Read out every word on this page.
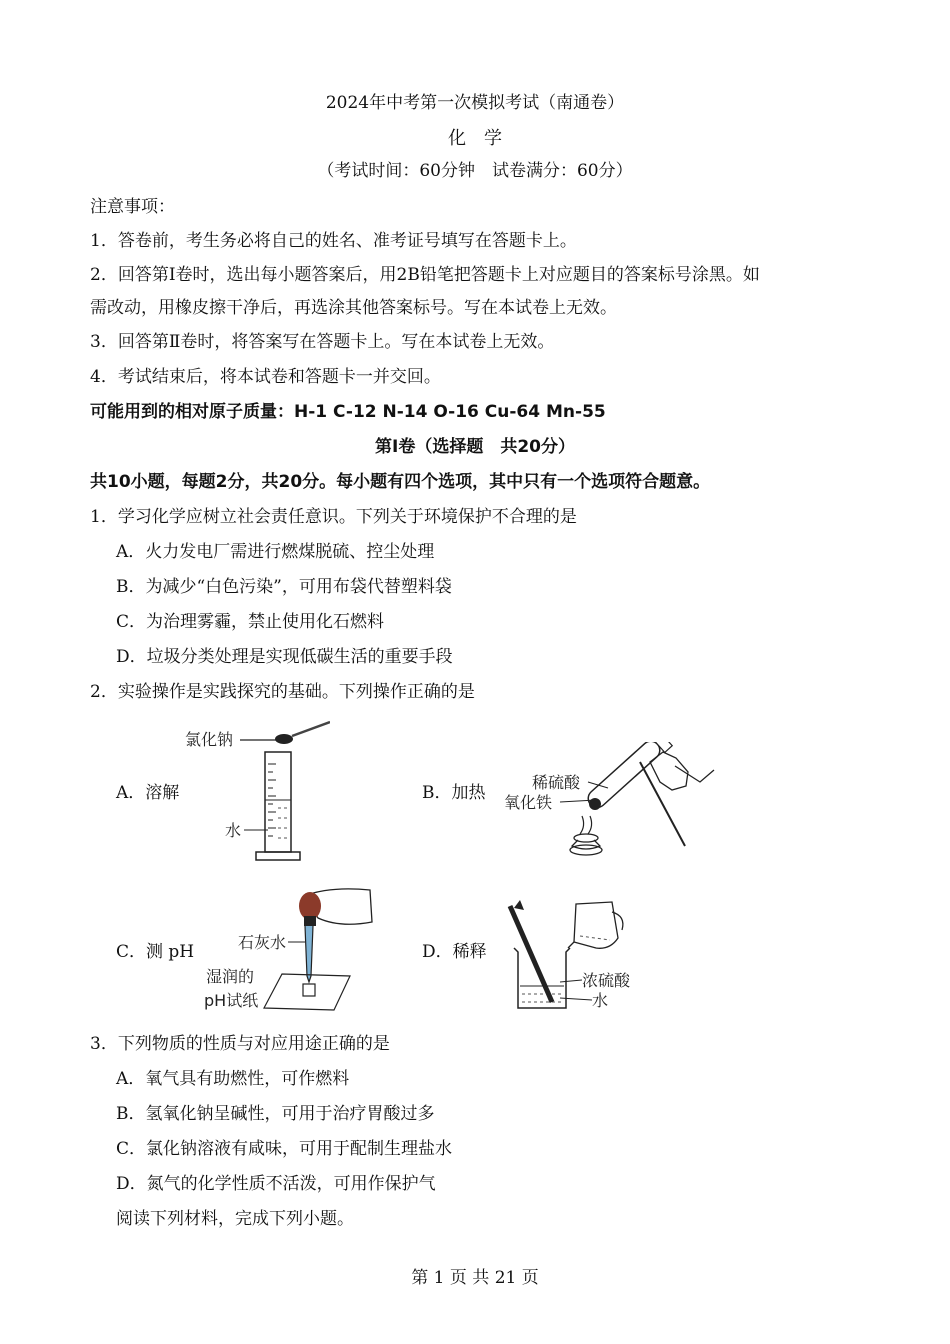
2024年中考第一次模拟考试（南通卷）
化　学
（考试时间：60分钟　试卷满分：60分）
注意事项：
1．答卷前，考生务必将自己的姓名、准考证号填写在答题卡上。
2．回答第Ⅰ卷时，选出每小题答案后，用2B铅笔把答题卡上对应题目的答案标号涂黑。如
需改动，用橡皮擦干净后，再选涂其他答案标号。写在本试卷上无效。
3．回答第Ⅱ卷时，将答案写在答题卡上。写在本试卷上无效。
4．考试结束后，将本试卷和答题卡一并交回。
可能用到的相对原子质量：H-1 C-12 N-14 O-16 Cu-64 Mn-55
第Ⅰ卷（选择题　共20分）
共10小题，每题2分，共20分。每小题有四个选项，其中只有一个选项符合题意。
1．学习化学应树立社会责任意识。下列关于环境保护不合理的是
A．火力发电厂需进行燃煤脱硫、控尘处理
B．为减少“白色污染”，可用布袋代替塑料袋
C．为治理雾霾，禁止使用化石燃料
D．垃圾分类处理是实现低碳生活的重要手段
2．实验操作是实践探究的基础。下列操作正确的是
A．溶解	B．加热
C．测 pH	D．稀释
氯化钠
水
稀硫酸
氧化铁
石灰水
湿润的
pH试纸
浓硫酸
水
3．下列物质的性质与对应用途正确的是
A．氧气具有助燃性，可作燃料
B．氢氧化钠呈碱性，可用于治疗胃酸过多
C．氯化钠溶液有咸味，可用于配制生理盐水
D．氮气的化学性质不活泼，可用作保护气
阅读下列材料，完成下列小题。
第 1 页 共 21 页
